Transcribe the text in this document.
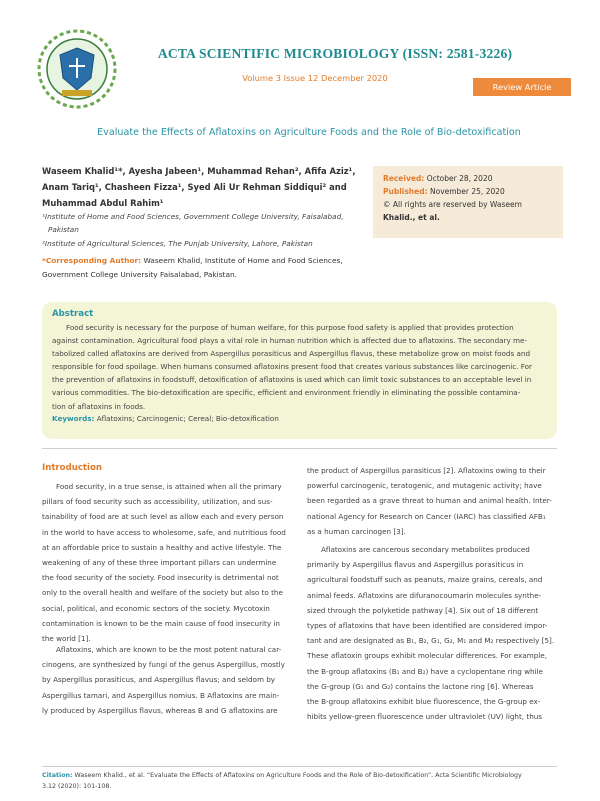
ACTA SCIENTIFIC MICROBIOLOGY (ISSN: 2581-3226)
Volume 3 Issue 12 December 2020
Review Article
Evaluate the Effects of Aflatoxins on Agriculture Foods and the Role of Bio-detoxification
Waseem Khalid¹*, Ayesha Jabeen¹, Muhammad Rehan², Afifa Aziz¹,
Anam Tariq¹, Chasheen Fizza¹, Syed Ali Ur Rehman Siddiqui² and
Muhammad Abdul Rahim¹
¹Institute of Home and Food Sciences, Government College University, Faisalabad,
Pakistan
²Institute of Agricultural Sciences, The Punjab University, Lahore, Pakistan
*Corresponding Author: Waseem Khalid, Institute of Home and Food Sciences,
Government College University Faisalabad, Pakistan.
Received: October 28, 2020
Published: November 25, 2020
© All rights are reserved by Waseem
Khalid., et al.
Abstract
Food security is necessary for the purpose of human welfare, for this purpose food safety is applied that provides protection
against contamination. Agricultural food plays a vital role in human nutrition which is affected due to aflatoxins. The secondary me-
tabolized called aflatoxins are derived from Aspergillus porasiticus and Aspergillus flavus, these metabolize grow on moist foods and
responsible for food spoilage. When humans consumed aflatoxins present food that creates various substances like carcinogenic. For
the prevention of aflatoxins in foodstuff, detoxification of aflatoxins is used which can limit toxic substances to an acceptable level in
various commodities. The bio-detoxification are specific, efficient and environment friendly in eliminating the possible contamina-
tion of aflatoxins in foods.
Keywords: Aflatoxins; Carcinogenic; Cereal; Bio-detoxification
Introduction
Food security, in a true sense, is attained when all the primary
pillars of food security such as accessibility, utilization, and sus-
tainability of food are at such level as allow each and every person
in the world to have access to wholesome, safe, and nutritious food
at an affordable price to sustain a healthy and active lifestyle. The
weakening of any of these three important pillars can undermine
the food security of the society. Food insecurity is detrimental not
only to the overall health and welfare of the society but also to the
social, political, and economic sectors of the society. Mycotoxin
contamination is known to be the main cause of food insecurity in
the world [1].
Aflatoxins, which are known to be the most potent natural car-
cinogens, are synthesized by fungi of the genus Aspergillus, mostly
by Aspergillus porasiticus, and Aspergillus flavus; and seldom by
Aspergillus tamari, and Aspergillus nomius. B Aflatoxins are main-
ly produced by Aspergillus flavus, whereas B and G aflatoxins are
the product of Aspergillus parasiticus [2]. Aflatoxins owing to their
powerful carcinogenic, teratogenic, and mutagenic activity; have
been regarded as a grave threat to human and animal health. Inter-
national Agency for Research on Cancer (IARC) has classified AFB₁
as a human carcinogen [3].
Aflatoxins are cancerous secondary metabolites produced
primarily by Aspergillus flavus and Aspergillus porasiticus in
agricultural foodstuff such as peanuts, maize grains, cereals, and
animal feeds. Aflatoxins are difuranocoumarin molecules synthe-
sized through the polyketide pathway [4]. Six out of 18 different
types of aflatoxins that have been identified are considered impor-
tant and are designated as B₁, B₂, G₁, G₂, M₁ and M₂ respectively [5].
These aflatoxin groups exhibit molecular differences. For example,
the B-group aflatoxins (B₁ and B₂) have a cyclopentane ring while
the G-group (G₁ and G₂) contains the lactone ring [6]. Whereas
the B-group aflatoxins exhibit blue fluorescence, the G-group ex-
hibits yellow-green fluorescence under ultraviolet (UV) light, thus
Citation: Waseem Khalid., et al. “Evaluate the Effects of Aflatoxins on Agriculture Foods and the Role of Bio-detoxification”. Acta Scientific Microbiology
3.12 (2020): 101-108.
